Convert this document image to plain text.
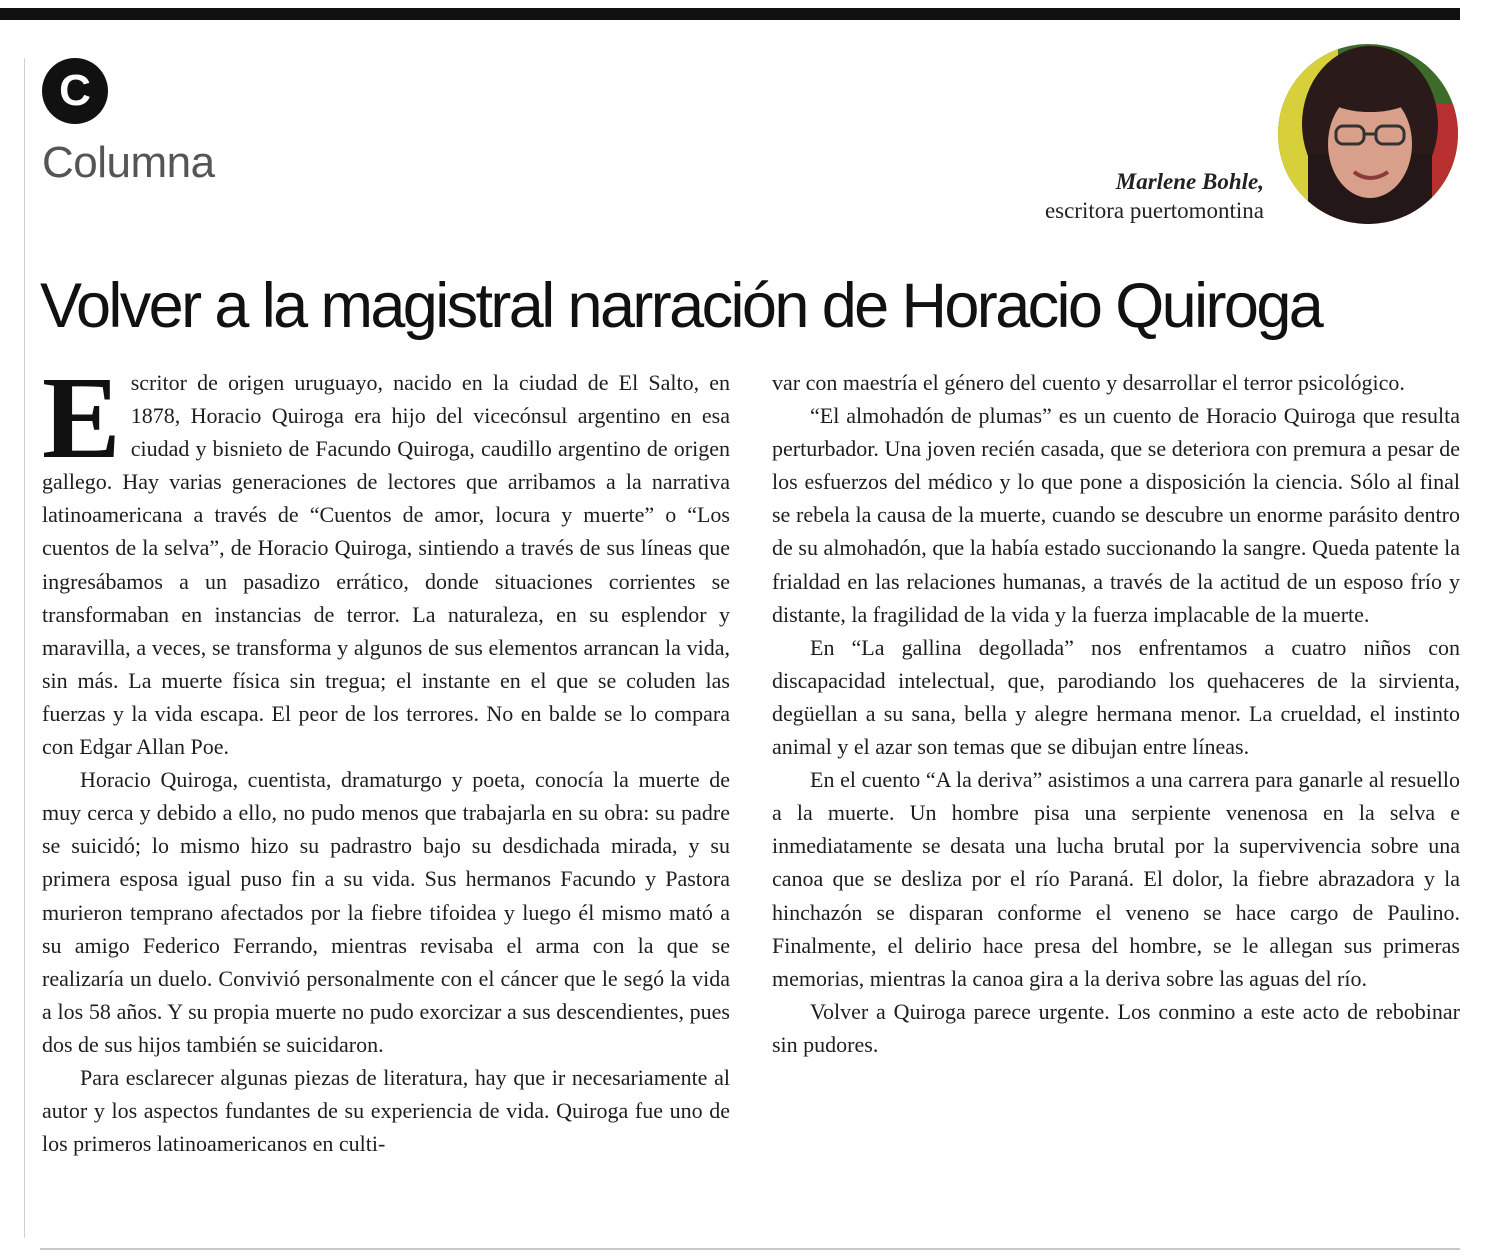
C
Columna	Marlene Bohle,
escritora puertomontina
Volver a la magistral narración de Horacio Quiroga

Escritor de origen uruguayo, nacido en la ciudad de El Salto, en 1878, Horacio Quiroga era hijo del vicecónsul argentino en esa ciudad y bisnieto de Facundo Quiroga, caudillo argentino de origen gallego. Hay varias generaciones de lectores que arribamos a la narrativa latinoamericana a través de “Cuentos de amor, locura y muerte” o “Los cuentos de la selva”, de Horacio Quiroga, sintiendo a través de sus líneas que ingresábamos a un pasadizo errático, donde situaciones corrientes se transformaban en instancias de terror. La naturaleza, en su esplendor y maravilla, a veces, se transforma y algunos de sus elementos arrancan la vida, sin más. La muerte física sin tregua; el instante en el que se coluden las fuerzas y la vida escapa. El peor de los terrores. No en balde se lo compara con Edgar Allan Poe.

Horacio Quiroga, cuentista, dramaturgo y poeta, conocía la muerte de muy cerca y debido a ello, no pudo menos que trabajarla en su obra: su padre se suicidó; lo mismo hizo su padrastro bajo su desdichada mirada, y su primera esposa igual puso fin a su vida. Sus hermanos Facundo y Pastora murieron temprano afectados por la fiebre tifoidea y luego él mismo mató a su amigo Federico Ferrando, mientras revisaba el arma con la que se realizaría un duelo. Convivió personalmente con el cáncer que le segó la vida a los 58 años. Y su propia muerte no pudo exorcizar a sus descendientes, pues dos de sus hijos también se suicidaron.

Para esclarecer algunas piezas de literatura, hay que ir necesariamente al autor y los aspectos fundantes de su experiencia de vida. Quiroga fue uno de los primeros latinoamericanos en culti-

var con maestría el género del cuento y desarrollar el terror psicológico.

“El almohadón de plumas” es un cuento de Horacio Quiroga que resulta perturbador. Una joven recién casada, que se deteriora con premura a pesar de los esfuerzos del médico y lo que pone a disposición la ciencia. Sólo al final se rebela la causa de la muerte, cuando se descubre un enorme parásito dentro de su almohadón, que la había estado succionando la sangre. Queda patente la frialdad en las relaciones humanas, a través de la actitud de un esposo frío y distante, la fragilidad de la vida y la fuerza implacable de la muerte.

En “La gallina degollada” nos enfrentamos a cuatro niños con discapacidad intelectual, que, parodiando los quehaceres de la sirvienta, degüellan a su sana, bella y alegre hermana menor. La crueldad, el instinto animal y el azar son temas que se dibujan entre líneas.

En el cuento “A la deriva” asistimos a una carrera para ganarle al resuello a la muerte. Un hombre pisa una serpiente venenosa en la selva e inmediatamente se desata una lucha brutal por la supervivencia sobre una canoa que se desliza por el río Paraná. El dolor, la fiebre abrazadora y la hinchazón se disparan conforme el veneno se hace cargo de Paulino. Finalmente, el delirio hace presa del hombre, se le allegan sus primeras memorias, mientras la canoa gira a la deriva sobre las aguas del río.

Volver a Quiroga parece urgente. Los conmino a este acto de rebobinar sin pudores.
